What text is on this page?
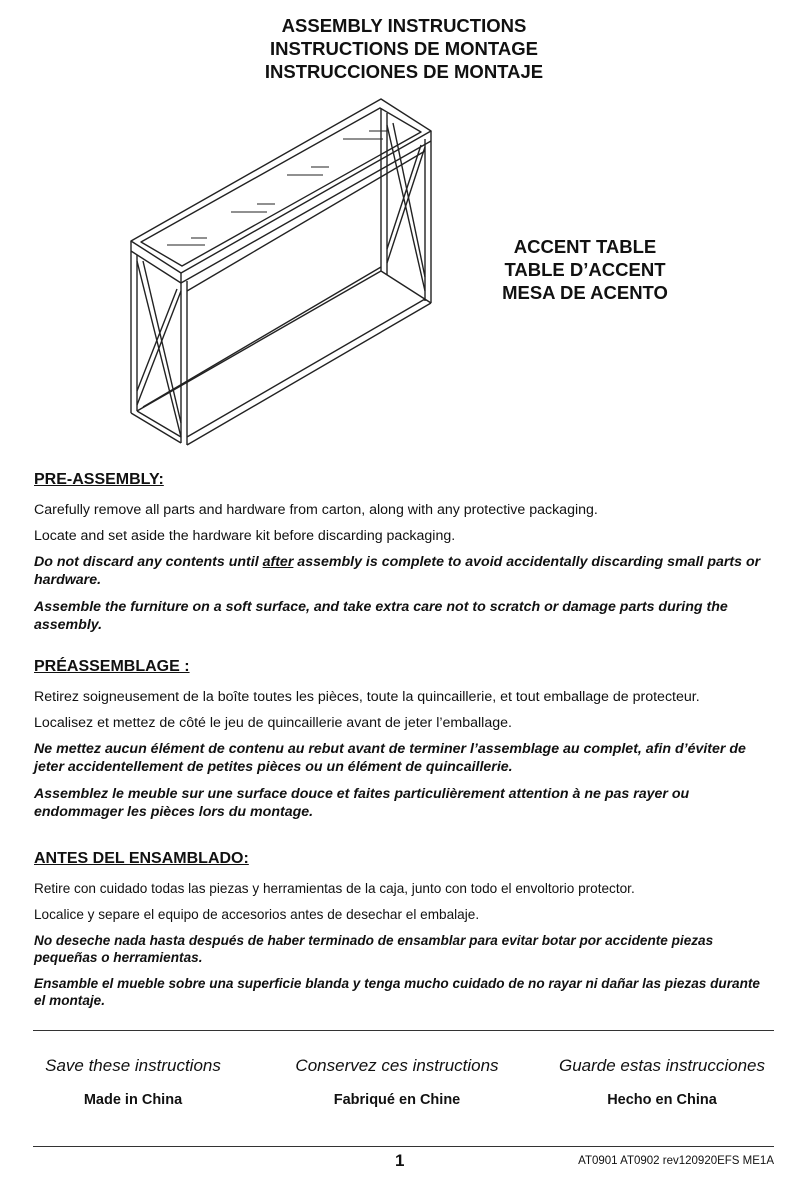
ASSEMBLY INSTRUCTIONS
INSTRUCTIONS DE MONTAGE
INSTRUCCIONES DE MONTAJE
ACCENT TABLE
TABLE D’ACCENT
MESA DE ACENTO
PRE-ASSEMBLY:
Carefully remove all parts and hardware from carton, along with any protective packaging.
Locate and set aside the hardware kit before discarding packaging.
Do not discard any contents until after assembly is complete to avoid accidentally discarding small parts or hardware.
Assemble the furniture on a soft surface, and take extra care not to scratch or damage parts during the assembly.
PRÉASSEMBLAGE :
Retirez soigneusement de la boîte toutes les pièces, toute la quincaillerie, et tout emballage de protecteur.
Localisez et mettez de côté le jeu de quincaillerie avant de jeter l’emballage.
Ne mettez aucun élément de contenu au rebut avant de terminer l’assemblage au complet, afin d’éviter de jeter accidentellement de petites pièces ou un élément de quincaillerie.
Assemblez le meuble sur une surface douce et faites particulièrement attention à ne pas rayer ou endommager les pièces lors du montage.
ANTES DEL ENSAMBLADO:
Retire con cuidado todas las piezas y herramientas de la caja, junto con todo el envoltorio protector.
Localice y separe el equipo de accesorios antes de desechar el embalaje.
No deseche nada hasta después de haber terminado de ensamblar para evitar botar por accidente piezas pequeñas o herramientas.
Ensamble el mueble sobre una superficie blanda y tenga mucho cuidado de no rayar ni dañar las piezas durante el montaje.
Save these instructions	Conservez ces instructions	Guarde estas instrucciones
Made in China	Fabriqué en Chine	Hecho en China
1	AT0901 AT0902 rev120920EFS ME1A
